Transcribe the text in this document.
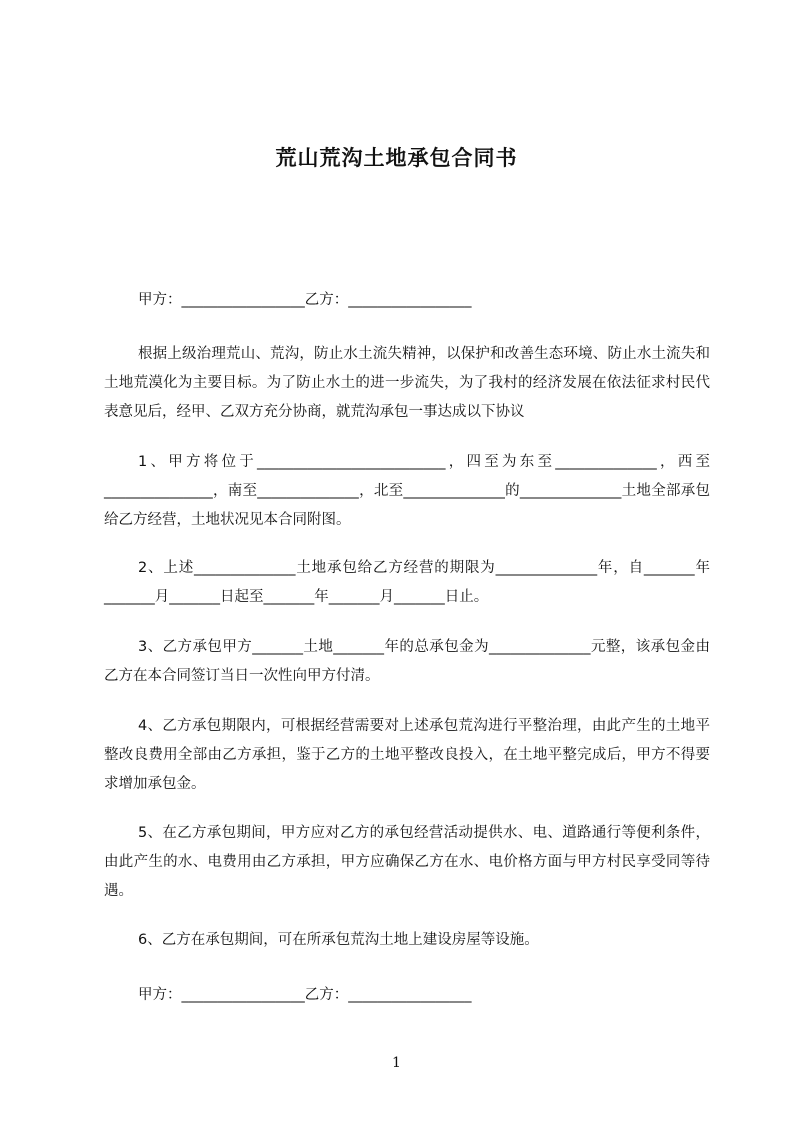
荒山荒沟土地承包合同书
甲方：_________________乙方：_________________
根据上级治理荒山、荒沟，防止水土流失精神，以保护和改善生态环境、防止水土流失和土地荒漠化为主要目标。为了防止水土的进一步流失，为了我村的经济发展在依法征求村民代表意见后，经甲、乙双方充分协商，就荒沟承包一事达成以下协议
1、甲方将位于__________________________，四至为东至______________，西至_______________，南至______________，北至______________的______________土地全部承包给乙方经营，土地状况见本合同附图。
2、上述______________土地承包给乙方经营的期限为______________年，自_______年_______月_______日起至_______年_______月_______日止。
3、乙方承包甲方_______土地_______年的总承包金为______________元整，该承包金由乙方在本合同签订当日一次性向甲方付清。
4、乙方承包期限内，可根据经营需要对上述承包荒沟进行平整治理，由此产生的土地平整改良费用全部由乙方承担，鉴于乙方的土地平整改良投入，在土地平整完成后，甲方不得要求增加承包金。
5、在乙方承包期间，甲方应对乙方的承包经营活动提供水、电、道路通行等便利条件，由此产生的水、电费用由乙方承担，甲方应确保乙方在水、电价格方面与甲方村民享受同等待遇。
6、乙方在承包期间，可在所承包荒沟土地上建设房屋等设施。
甲方：_________________乙方：_________________
1
